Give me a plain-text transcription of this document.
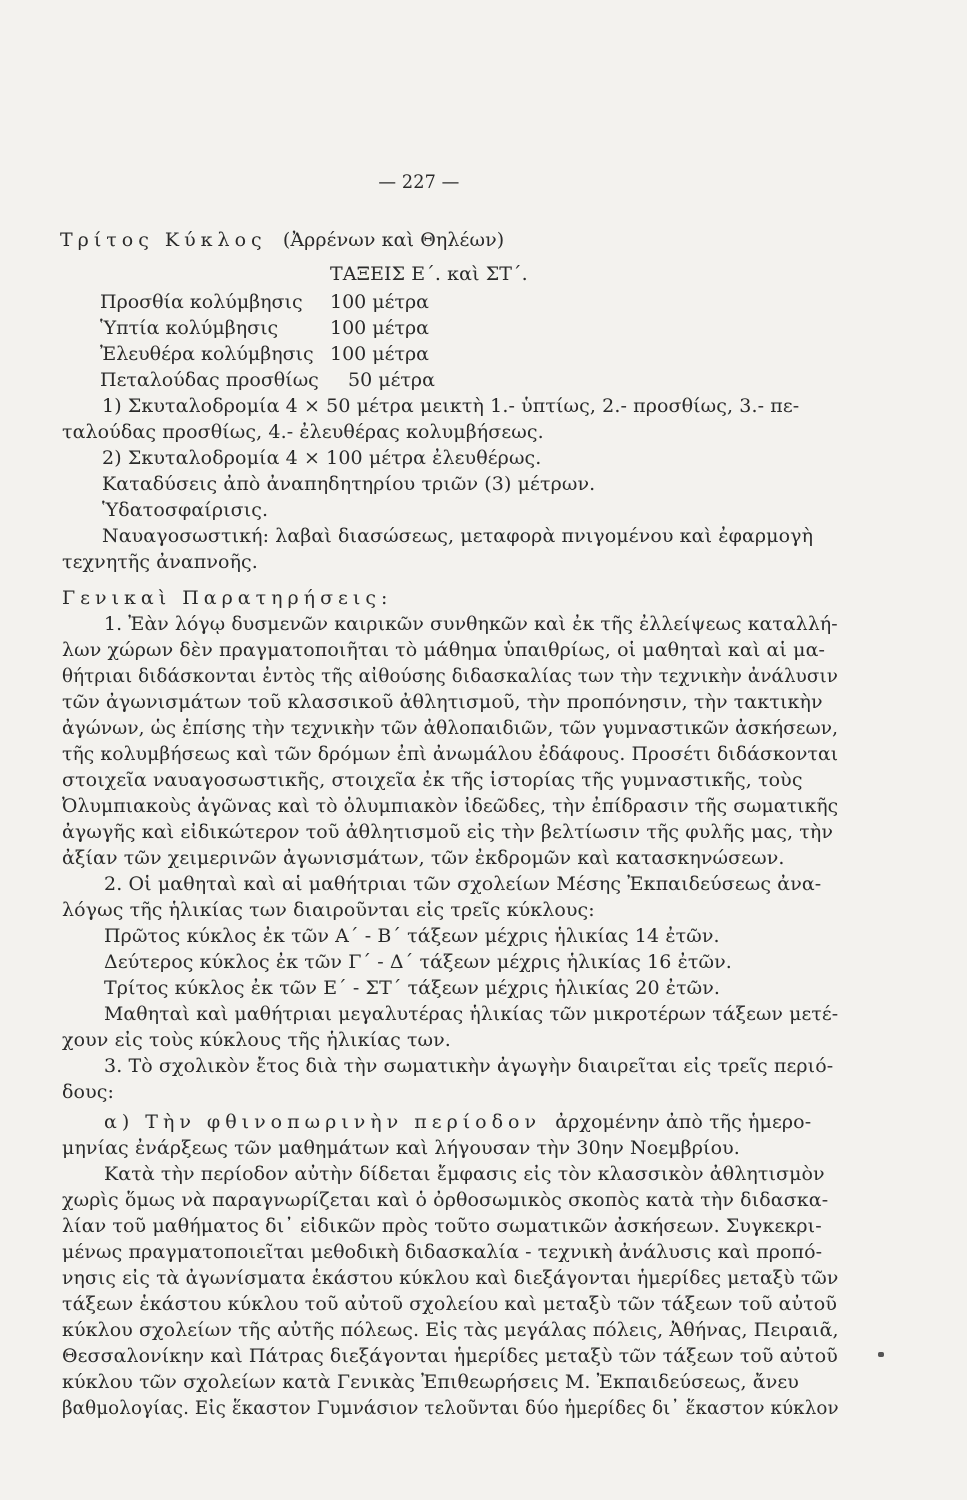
— 227 —
Τρίτος Κύκλος (Ἀρρένων καὶ Θηλέων)
ΤΑΞΕΙΣ Ε΄. καὶ ΣΤ΄.
Προσθία κολύμβησις 100 μέτρα
Ὑπτία κολύμβησις	100 μέτρα
Ἐλευθέρα κολύμβησις 100 μέτρα
Πεταλούδας προσθίως 50 μέτρα
1) Σκυταλοδρομία 4 × 50 μέτρα μεικτὴ 1.- ὑπτίως, 2.- προσθίως, 3.- πε-
ταλούδας προσθίως, 4.- ἐλευθέρας κολυμβήσεως.
2) Σκυταλοδρομία 4 × 100 μέτρα ἐλευθέρως.
Καταδύσεις ἀπὸ ἀναπηδητηρίου τριῶν (3) μέτρων.
Ὑδατοσφαίρισις.
Ναυαγοσωστική: λαβαὶ διασώσεως, μεταφορὰ πνιγομένου καὶ ἐφαρμογὴ
τεχνητῆς ἀναπνοῆς.
Γενικαὶ Παρατηρήσεις:
1. Ἐὰν λόγῳ δυσμενῶν καιρικῶν συνθηκῶν καὶ ἐκ τῆς ἐλλείψεως καταλλή-
λων χώρων δὲν πραγματοποιῆται τὸ μάθημα ὑπαιθρίως, οἱ μαθηταὶ καὶ αἱ μα-
θήτριαι διδάσκονται ἐντὸς τῆς αἰθούσης διδασκαλίας των τὴν τεχνικὴν ἀνάλυσιν
τῶν ἀγωνισμάτων τοῦ κλασσικοῦ ἀθλητισμοῦ, τὴν προπόνησιν, τὴν τακτικὴν
ἀγώνων, ὡς ἐπίσης τὴν τεχνικὴν τῶν ἀθλοπαιδιῶν, τῶν γυμναστικῶν ἀσκήσεων,
τῆς κολυμβήσεως καὶ τῶν δρόμων ἐπὶ ἀνωμάλου ἐδάφους. Προσέτι διδάσκονται
στοιχεῖα ναυαγοσωστικῆς, στοιχεῖα ἐκ τῆς ἱστορίας τῆς γυμναστικῆς, τοὺς
Ὀλυμπιακοὺς ἀγῶνας καὶ τὸ ὀλυμπιακὸν ἰδεῶδες, τὴν ἐπίδρασιν τῆς σωματικῆς
ἀγωγῆς καὶ εἰδικώτερον τοῦ ἀθλητισμοῦ εἰς τὴν βελτίωσιν τῆς φυλῆς μας, τὴν
ἀξίαν τῶν χειμερινῶν ἀγωνισμάτων, τῶν ἐκδρομῶν καὶ κατασκηνώσεων.
2. Οἱ μαθηταὶ καὶ αἱ μαθήτριαι τῶν σχολείων Μέσης Ἐκπαιδεύσεως ἀνα-
λόγως τῆς ἡλικίας των διαιροῦνται εἰς τρεῖς κύκλους:
Πρῶτος κύκλος ἐκ τῶν Α΄ - Β΄ τάξεων μέχρις ἡλικίας 14 ἐτῶν.
Δεύτερος κύκλος ἐκ τῶν Γ΄ - Δ΄ τάξεων μέχρις ἡλικίας 16 ἐτῶν.
Τρίτος κύκλος ἐκ τῶν Ε΄ - ΣΤ΄ τάξεων μέχρις ἡλικίας 20 ἐτῶν.
Μαθηταὶ καὶ μαθήτριαι μεγαλυτέρας ἡλικίας τῶν μικροτέρων τάξεων μετέ-
χουν εἰς τοὺς κύκλους τῆς ἡλικίας των.
3. Τὸ σχολικὸν ἔτος διὰ τὴν σωματικὴν ἀγωγὴν διαιρεῖται εἰς τρεῖς περιό-
δους:
α) Τὴν φθινοπωρινὴν περίοδον ἀρχομένην ἀπὸ τῆς ἡμερο-
μηνίας ἐνάρξεως τῶν μαθημάτων καὶ λήγουσαν τὴν 30ην Νοεμβρίου.
Κατὰ τὴν περίοδον αὐτὴν δίδεται ἔμφασις εἰς τὸν κλασσικὸν ἀθλητισμὸν
χωρὶς ὅμως νὰ παραγνωρίζεται καὶ ὁ ὀρθοσωμικὸς σκοπὸς κατὰ τὴν διδασκα-
λίαν τοῦ μαθήματος δι᾽ εἰδικῶν πρὸς τοῦτο σωματικῶν ἀσκήσεων. Συγκεκρι-
μένως πραγματοποιεῖται μεθοδικὴ διδασκαλία - τεχνικὴ ἀνάλυσις καὶ προπό-
νησις εἰς τὰ ἀγωνίσματα ἑκάστου κύκλου καὶ διεξάγονται ἡμερίδες μεταξὺ τῶν
τάξεων ἑκάστου κύκλου τοῦ αὐτοῦ σχολείου καὶ μεταξὺ τῶν τάξεων τοῦ αὐτοῦ
κύκλου σχολείων τῆς αὐτῆς πόλεως. Εἰς τὰς μεγάλας πόλεις, Ἀθήνας, Πειραιᾶ,
Θεσσαλονίκην καὶ Πάτρας διεξάγονται ἡμερίδες μεταξὺ τῶν τάξεων τοῦ αὐτοῦ
κύκλου τῶν σχολείων κατὰ Γενικὰς Ἐπιθεωρήσεις Μ. Ἐκπαιδεύσεως, ἄνευ
βαθμολογίας. Εἰς ἕκαστον Γυμνάσιον τελοῦνται δύο ἡμερίδες δι᾽ ἕκαστον κύκλον
